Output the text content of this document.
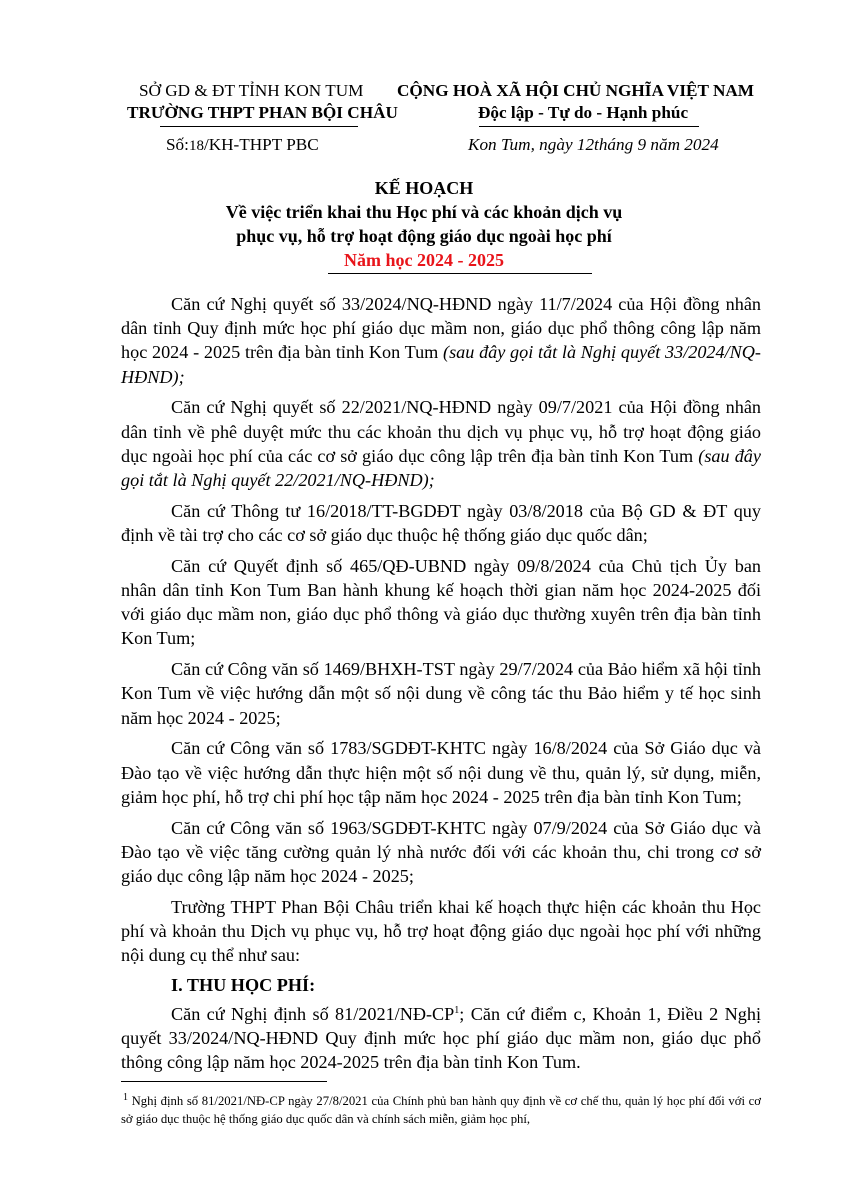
SỞ GD & ĐT TỈNH KON TUM
TRƯỜNG THPT PHAN BỘI CHÂU
CỘNG HOÀ XÃ HỘI CHỦ NGHĨA VIỆT NAM
Độc lập - Tự do - Hạnh phúc
Số:18/KH-THPT PBC	Kon Tum, ngày 12tháng 9 năm 2024
KẾ HOẠCH
Về việc triển khai thu Học phí và các khoản dịch vụ
phục vụ, hỗ trợ hoạt động giáo dục ngoài học phí
Năm học 2024 - 2025

Căn cứ Nghị quyết số 33/2024/NQ-HĐND ngày 11/7/2024 của Hội đồng nhân dân tỉnh Quy định mức học phí giáo dục mầm non, giáo dục phổ thông công lập năm học 2024 - 2025 trên địa bàn tỉnh Kon Tum (sau đây gọi tắt là Nghị quyết 33/2024/NQ-HĐND);

Căn cứ Nghị quyết số 22/2021/NQ-HĐND ngày 09/7/2021 của Hội đồng nhân dân tỉnh về phê duyệt mức thu các khoản thu dịch vụ phục vụ, hỗ trợ hoạt động giáo dục ngoài học phí của các cơ sở giáo dục công lập trên địa bàn tỉnh Kon Tum (sau đây gọi tắt là Nghị quyết 22/2021/NQ-HĐND);

Căn cứ Thông tư 16/2018/TT-BGDĐT ngày 03/8/2018 của Bộ GD & ĐT quy định về tài trợ cho các cơ sở giáo dục thuộc hệ thống giáo dục quốc dân;

Căn cứ Quyết định số 465/QĐ-UBND ngày 09/8/2024 của Chủ tịch Ủy ban nhân dân tỉnh Kon Tum Ban hành khung kế hoạch thời gian năm học 2024-2025 đối với giáo dục mầm non, giáo dục phổ thông và giáo dục thường xuyên trên địa bàn tỉnh Kon Tum;

Căn cứ Công văn số 1469/BHXH-TST ngày 29/7/2024 của Bảo hiểm xã hội tỉnh Kon Tum về việc hướng dẫn một số nội dung về công tác thu Bảo hiểm y tế học sinh năm học 2024 - 2025;

Căn cứ Công văn số 1783/SGDĐT-KHTC ngày 16/8/2024 của Sở Giáo dục và Đào tạo về việc hướng dẫn thực hiện một số nội dung về thu, quản lý, sử dụng, miễn, giảm học phí, hỗ trợ chi phí học tập năm học 2024 - 2025 trên địa bàn tỉnh Kon Tum;

Căn cứ Công văn số 1963/SGDĐT-KHTC ngày 07/9/2024 của Sở Giáo dục và Đào tạo về việc tăng cường quản lý nhà nước đối với các khoản thu, chi trong cơ sở giáo dục công lập năm học 2024 - 2025;

Trường THPT Phan Bội Châu triển khai kế hoạch thực hiện các khoản thu Học phí và khoản thu Dịch vụ phục vụ, hỗ trợ hoạt động giáo dục ngoài học phí với những nội dung cụ thể như sau:

I. THU HỌC PHÍ:

Căn cứ Nghị định số $81/2021/NĐ-CP^1$; Căn cứ điểm c, Khoản 1, Điều 2 Nghị quyết 33/2024/NQ-HĐND Quy định mức học phí giáo dục mầm non, giáo dục phổ thông công lập năm học 2024-2025 trên địa bàn tỉnh Kon Tum.

$^1$ Nghị định số 81/2021/NĐ-CP ngày 27/8/2021 của Chính phủ ban hành quy định về cơ chế thu, quản lý học phí đối với cơ sở giáo dục thuộc hệ thống giáo dục quốc dân và chính sách miễn, giảm học phí,
